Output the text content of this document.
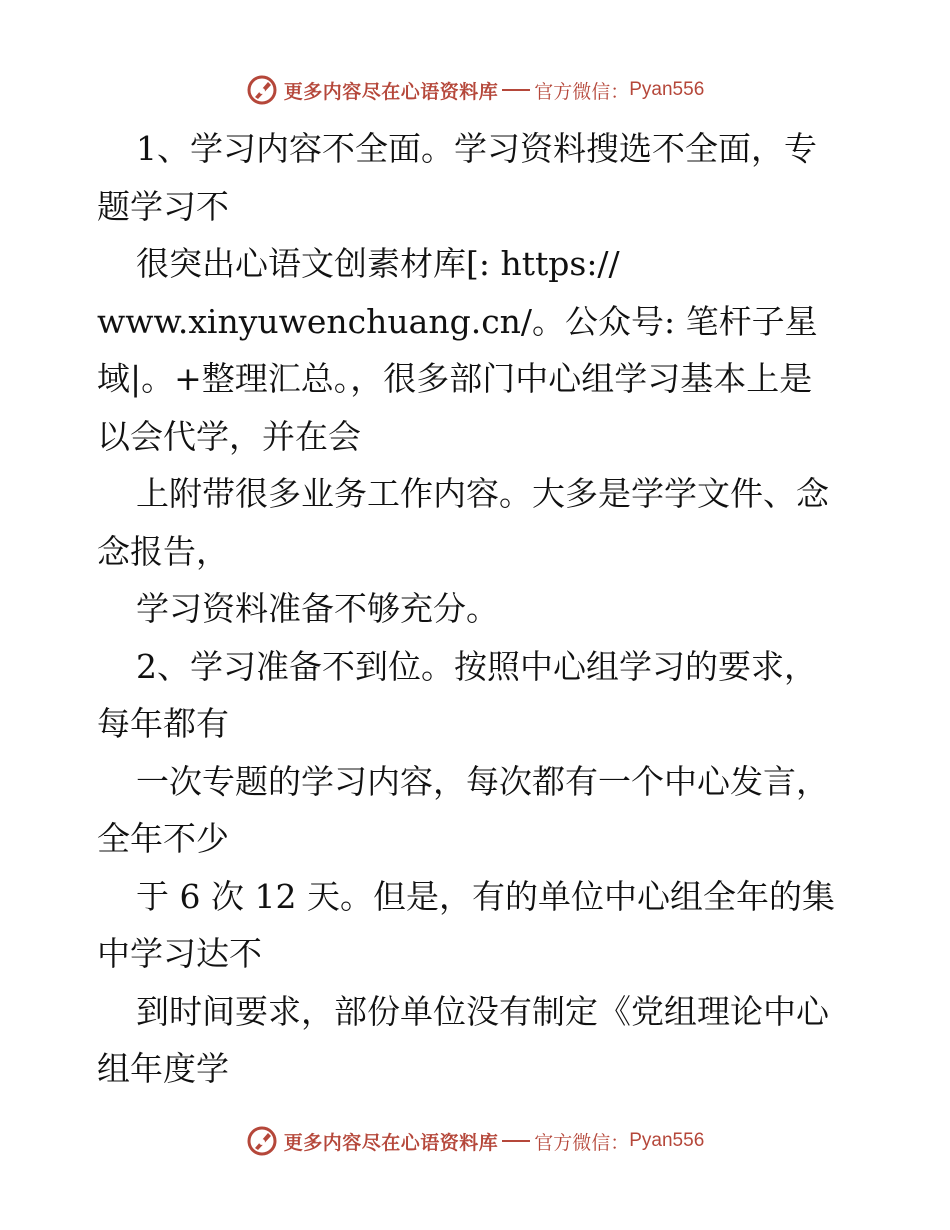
更多内容尽在心语资料库 官方微信： Pyan556
1、学习内容不全面。学习资料搜选不全面，专
题学习不
很突出心语文创素材库[: https://
www.xinyuwenchuang.cn/。公众号: 笔杆子星
域|。+整理汇总。，很多部门中心组学习基本上是
以会代学，并在会
上附带很多业务工作内容。大多是学学文件、念
念报告，
学习资料准备不够充分。
2、学习准备不到位。按照中心组学习的要求，
每年都有
一次专题的学习内容，每次都有一个中心发言，
全年不少
于 6 次 12 天。但是，有的单位中心组全年的集
中学习达不
到时间要求，部份单位没有制定《党组理论中心
组年度学
更多内容尽在心语资料库 官方微信： Pyan556
